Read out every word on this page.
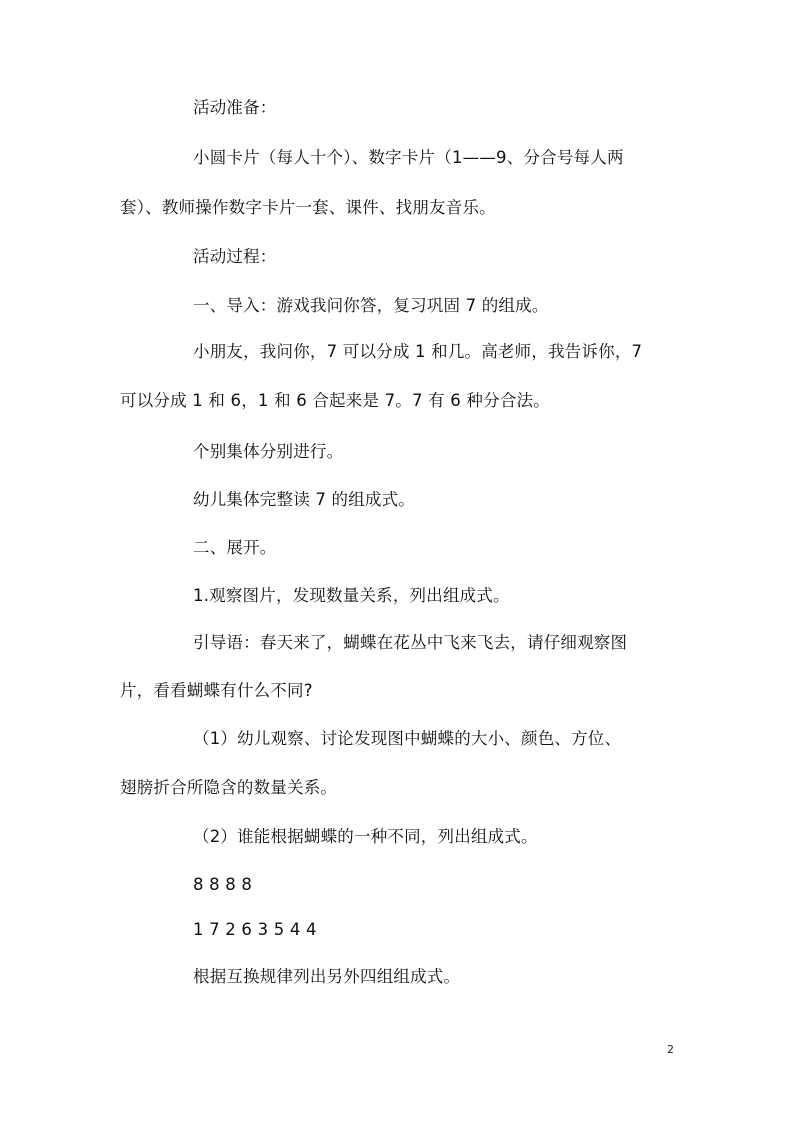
活动准备：
小圆卡片（每人十个）、数字卡片（1——9、分合号每人两
套）、教师操作数字卡片一套、课件、找朋友音乐。
活动过程：
一、导入：游戏我问你答，复习巩固 7 的组成。
小朋友，我问你，7 可以分成 1 和几。高老师，我告诉你，7
可以分成 1 和 6，1 和 6 合起来是 7。7 有 6 种分合法。
个别集体分别进行。
幼儿集体完整读 7 的组成式。
二、展开。
1.观察图片，发现数量关系，列出组成式。
引导语：春天来了，蝴蝶在花丛中飞来飞去，请仔细观察图
片，看看蝴蝶有什么不同?
（1）幼儿观察、讨论发现图中蝴蝶的大小、颜色、方位、
翅膀折合所隐含的数量关系。
（2）谁能根据蝴蝶的一种不同，列出组成式。
8 8 8 8
1 7 2 6 3 5 4 4
根据互换规律列出另外四组组成式。
2
